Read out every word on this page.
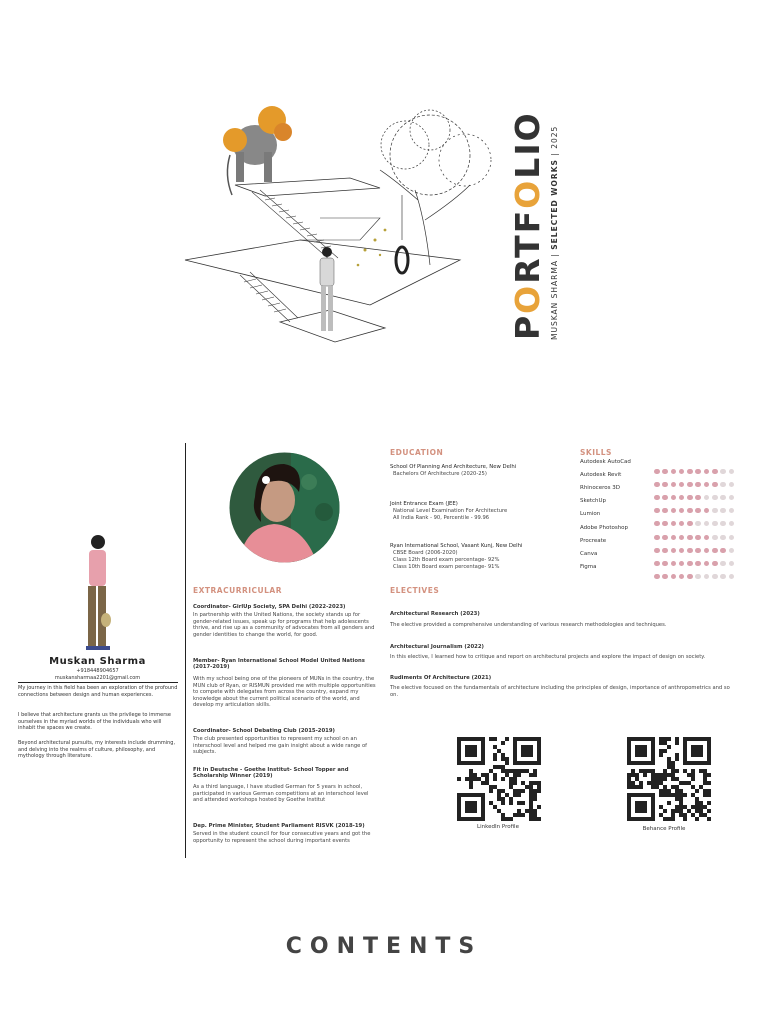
PORTFOLIO
MUSKAN SHARMA | SELECTED WORKS | 2025
Muskan Sharma
+918448904657
muskansharmaa2201@gmail.com
My journey in this field has been an exploration of the profound connections between design and human experiences.
I believe that architecture grants us the privilege to immerse ourselves in the myriad worlds of the individuals who will inhabit the spaces we create.
Beyond architectural pursuits, my interests include drumming, and delving into the realms of culture, philosophy, and mythology through literature.
EXTRACURRICULAR
Coordinator- GirlUp Society, SPA Delhi (2022-2023)
In partnership with the United Nations, the society stands up for gender-related issues, speak up for programs that help adolescents thrive, and rise up as a community of advocates from all genders and gender identities to change the world, for good.
Member- Ryan International School Model United Nations (2017-2019)
With my school being one of the pioneers of MUNs in the country, the MUN club of Ryan, or RISMUN provided me with multiple opportunities to compete with delegates from across the country, expand my knowledge about the current political scenario of the world, and develop my articulation skills.
Coordinator- School Debating Club (2015-2019)
The club presented opportunities to represent my school on an interschool level and helped me gain insight about a wide range of subjects.
Fit in Deutsche - Goethe Institut- School Topper and Scholarship Winner (2019)
As a third language, I have studied German for 5 years in school, participated in various German competitions at an interschool level and attended workshops hosted by Goethe Institut
Dep. Prime Minister, Student Parliament RISVK (2018-19)
Served in the student council for four consecutive years and got the opportunity to represent the school during important events
EDUCATION
School Of Planning And Architecture, New Delhi
Bachelors Of Architecture (2020-25)
Joint Entrance Exam (JEE)
National Level Examination For Architecture
All India Rank - 90, Percentile - 99.96
Ryan International School, Vasant Kunj, New Delhi
CBSE Board (2006-2020)
Class 12th Board exam percentage- 92%
Class 10th Board exam percentage- 91%
SKILLS
Autodesk AutoCad
Autodesk Revit
Rhinoceros 3D
SketchUp
Lumion
Adobe Photoshop
Procreate
Canva
Figma
ELECTIVES
Architectural Research (2023)
The elective provided a comprehensive understanding of various research methodologies and techniques.
Architectural Journalism (2022)
In this elective, I learned how to critique and report on architectural projects and explore the impact of design on society.
Rudiments Of Architecture (2021)
The elective focused on the fundamentals of architecture including the principles of design, importance of anthropometrics and so on.
LinkedIn Profile	Behance Profile
CONTENTS
